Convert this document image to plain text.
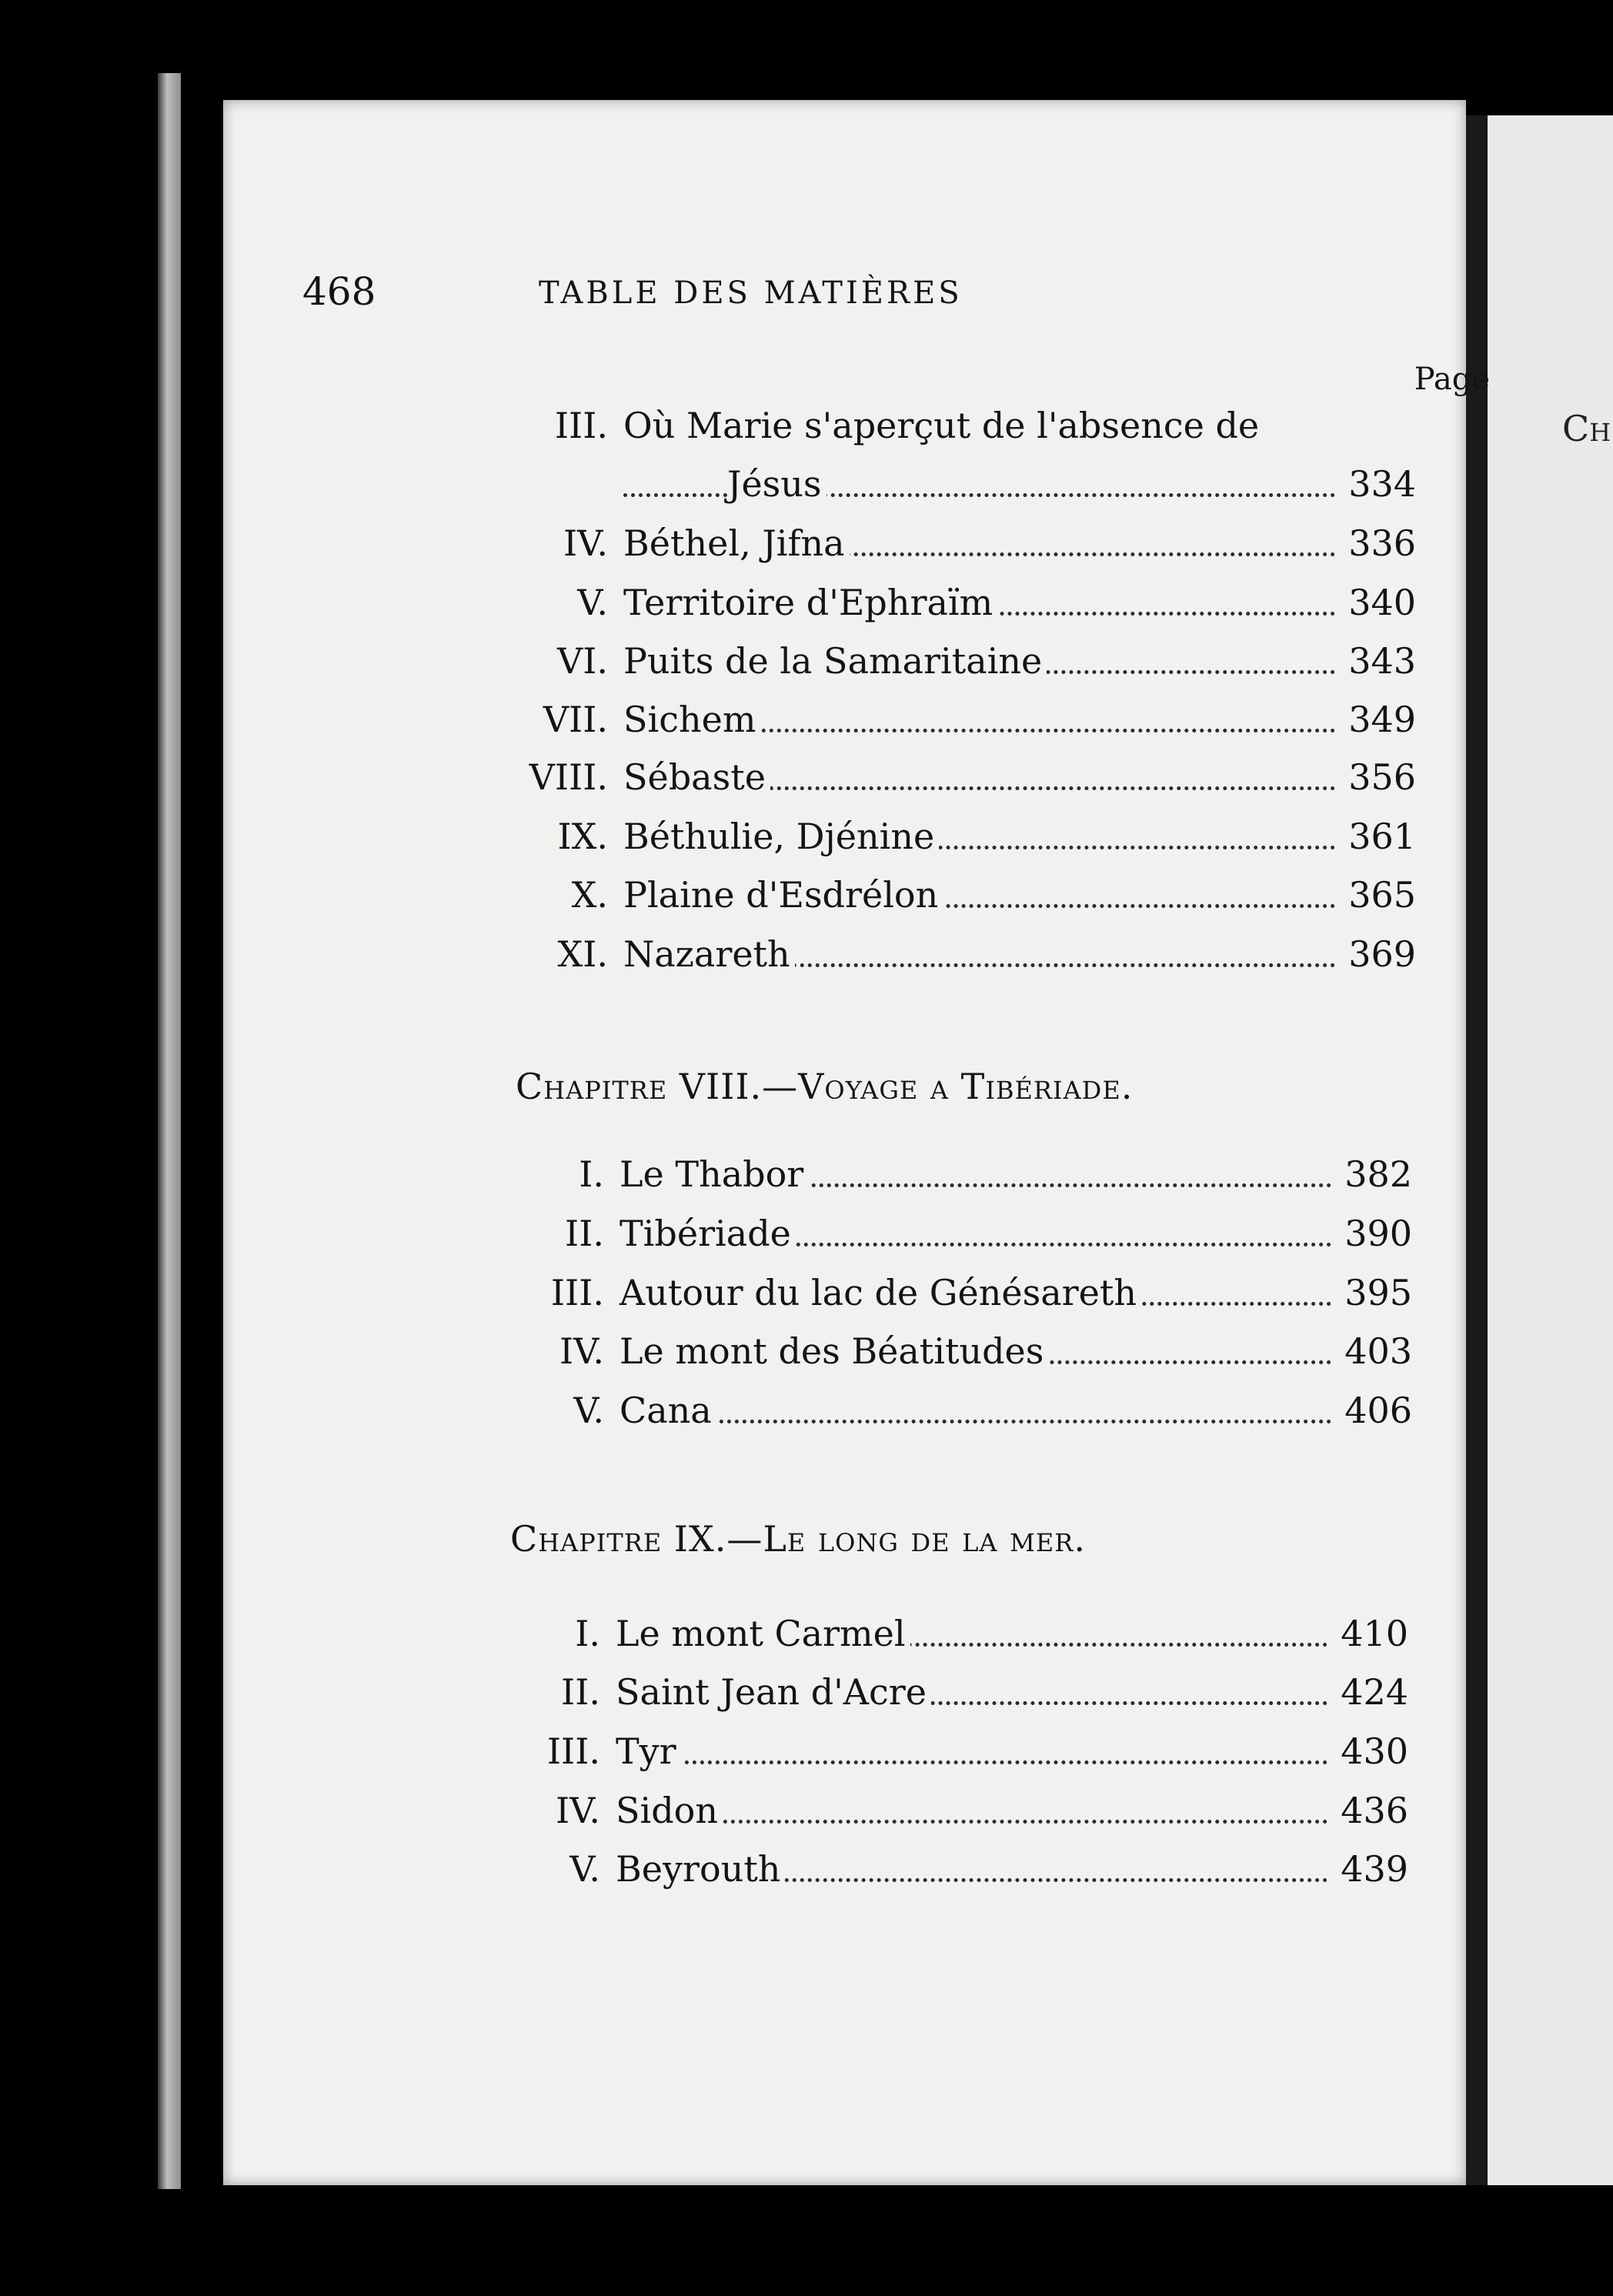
Ch
468	TABLE DES MATIÈRES
Page
III. Où Marie s'aperçut de l'absence de
Jésus	334
IV. Béthel, Jifna	336
V. Territoire d'Ephraïm	340
VI. Puits de la Samaritaine	343
VII. Sichem	349
VIII. Sébaste	356
IX. Béthulie, Djénine	361
X. Plaine d'Esdrélon	365
XI. Nazareth	369
Chapitre VIII.—Voyage a Tibériade.
I. Le Thabor	382
II. Tibériade	390
III. Autour du lac de Génésareth	395
IV. Le mont des Béatitudes	403
V. Cana	406
Chapitre IX.—Le long de la mer.
I. Le mont Carmel	410
II. Saint Jean d'Acre	424
III. Tyr	430
IV. Sidon	436
V. Beyrouth	439
